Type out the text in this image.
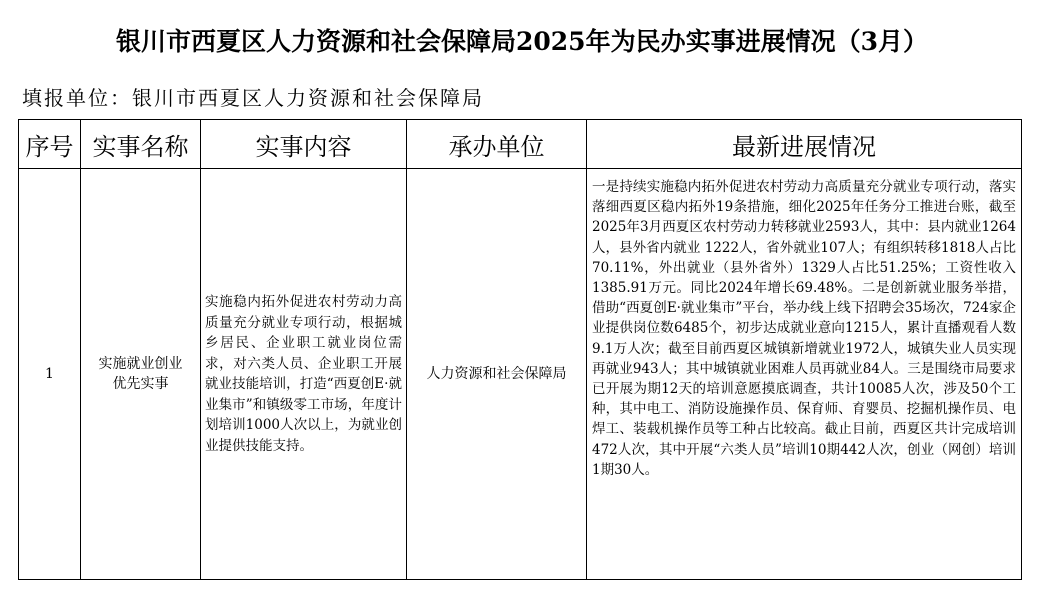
银川市西夏区人力资源和社会保障局2025年为民办实事进展情况（3月）
填报单位：银川市西夏区人力资源和社会保障局
序号	实事名称	实事内容	承办单位	最新进展情况
1	实施就业创业优先实事	实施稳内拓外促进农村劳动力高质量充分就业专项行动，根据城乡居民、企业职工就业岗位需求，对六类人员、企业职工开展就业技能培训，打造“西夏创E·就业集市”和镇级零工市场，年度计划培训1000人次以上，为就业创业提供技能支持。	人力资源和社会保障局	一是持续实施稳内拓外促进农村劳动力高质量充分就业专项行动，落实落细西夏区稳内拓外19条措施，细化2025年任务分工推进台账，截至2025年3月西夏区农村劳动力转移就业2593人，其中：县内就业1264人，县外省内就业 1222人，省外就业107人；有组织转移1818人占比70.11%，外出就业（县外省外）1329人占比51.25%；工资性收入1385.91万元。同比2024年增长69.48%。二是创新就业服务举措，借助“西夏创E·就业集市”平台，举办线上线下招聘会35场次，724家企业提供岗位数6485个，初步达成就业意向1215人，累计直播观看人数9.1万人次；截至目前西夏区城镇新增就业1972人，城镇失业人员实现再就业943人；其中城镇就业困难人员再就业84人。三是围绕市局要求已开展为期12天的培训意愿摸底调查，共计10085人次，涉及50个工种，其中电工、消防设施操作员、保育师、育婴员、挖掘机操作员、电焊工、装载机操作员等工种占比较高。截止目前，西夏区共计完成培训472人次，其中开展“六类人员”培训10期442人次，创业（网创）培训1期30人。
